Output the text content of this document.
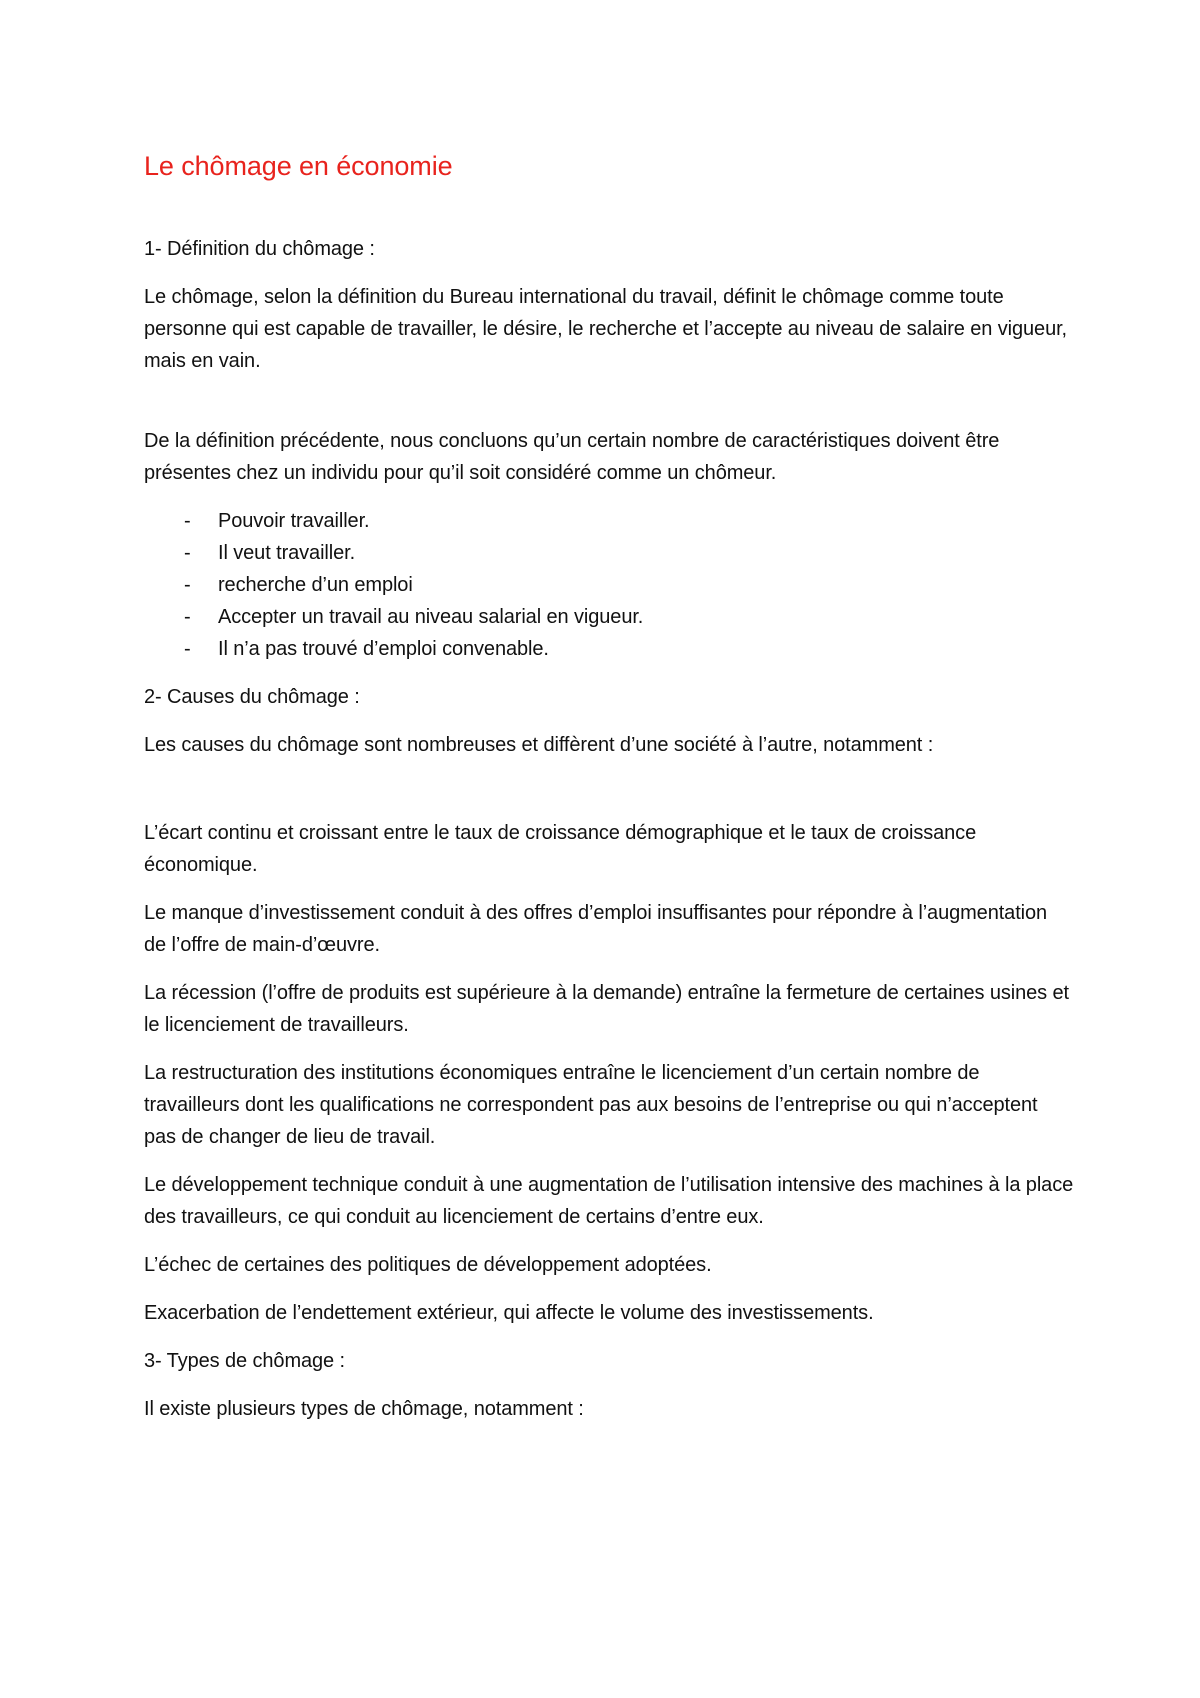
Le chômage en économie

1- Définition du chômage :

Le chômage, selon la définition du Bureau international du travail, définit le chômage comme toute personne qui est capable de travailler, le désire, le recherche et l’accepte au niveau de salaire en vigueur, mais en vain.

De la définition précédente, nous concluons qu’un certain nombre de caractéristiques doivent être présentes chez un individu pour qu’il soit considéré comme un chômeur.

- Pouvoir travailler.
- Il veut travailler.
- recherche d’un emploi
- Accepter un travail au niveau salarial en vigueur.
- Il n’a pas trouvé d’emploi convenable.

2- Causes du chômage :

Les causes du chômage sont nombreuses et diffèrent d’une société à l’autre, notamment :

L’écart continu et croissant entre le taux de croissance démographique et le taux de croissance économique.

Le manque d’investissement conduit à des offres d’emploi insuffisantes pour répondre à l’augmentation de l’offre de main-d’œuvre.

La récession (l’offre de produits est supérieure à la demande) entraîne la fermeture de certaines usines et le licenciement de travailleurs.

La restructuration des institutions économiques entraîne le licenciement d’un certain nombre de travailleurs dont les qualifications ne correspondent pas aux besoins de l’entreprise ou qui n’acceptent pas de changer de lieu de travail.

Le développement technique conduit à une augmentation de l’utilisation intensive des machines à la place des travailleurs, ce qui conduit au licenciement de certains d’entre eux.

L’échec de certaines des politiques de développement adoptées.

Exacerbation de l’endettement extérieur, qui affecte le volume des investissements.

3- Types de chômage :

Il existe plusieurs types de chômage, notamment :
